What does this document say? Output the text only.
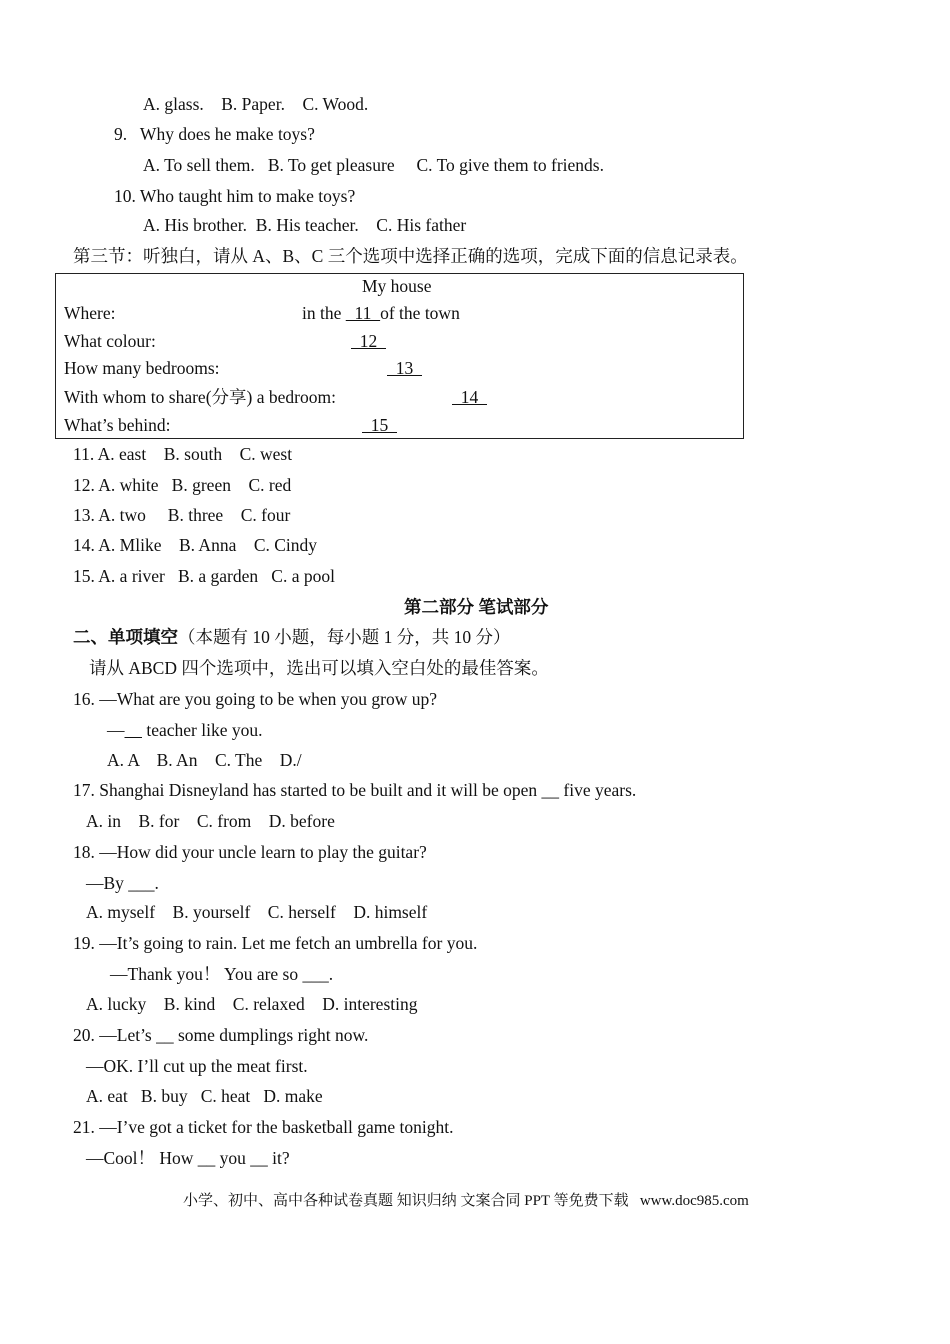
A. glass.    B. Paper.    C. Wood.
9.   Why does he make toys?
A. To sell them.   B. To get pleasure     C. To give them to friends.
10. Who taught him to make toys?
A. His brother.  B. His teacher.    C. His father
第三节：听独白，请从 A、B、C 三个选项中选择正确的选项，完成下面的信息记录表。
My house
Where:	in the   11  of the town
What colour:	12
How many bedrooms:	13
With whom to share(分享) a bedroom:	14
What’s behind:	15
11. A. east    B. south    C. west
12. A. white   B. green    C. red
13. A. two     B. three    C. four
14. A. Mlike    B. Anna    C. Cindy
15. A. a river   B. a garden   C. a pool
第二部分 笔试部分
二、单项填空（本题有 10 小题，每小题 1 分，共 10 分）
请从 ABCD 四个选项中，选出可以填入空白处的最佳答案。
16. —What are you going to be when you grow up?
—     teacher like you.
A. A    B. An    C. The    D./
17. Shanghai Disneyland has started to be built and it will be open __ five years.
A. in    B. for    C. from    D. before
18. —How did your uncle learn to play the guitar?
—By ___.
A. myself    B. yourself    C. herself    D. himself
19. —It’s going to rain. Let me fetch an umbrella for you.
—Thank you！ You are so ___.
A. lucky    B. kind    C. relaxed    D. interesting
20. —Let’s __ some dumplings right now.
—OK. I’ll cut up the meat first.
A. eat   B. buy   C. heat   D. make
21. —I’ve got a ticket for the basketball game tonight.
—Cool！ How __ you __ it?
小学、初中、高中各种试卷真题 知识归纳 文案合同 PPT 等免费下载   www.doc985.com
